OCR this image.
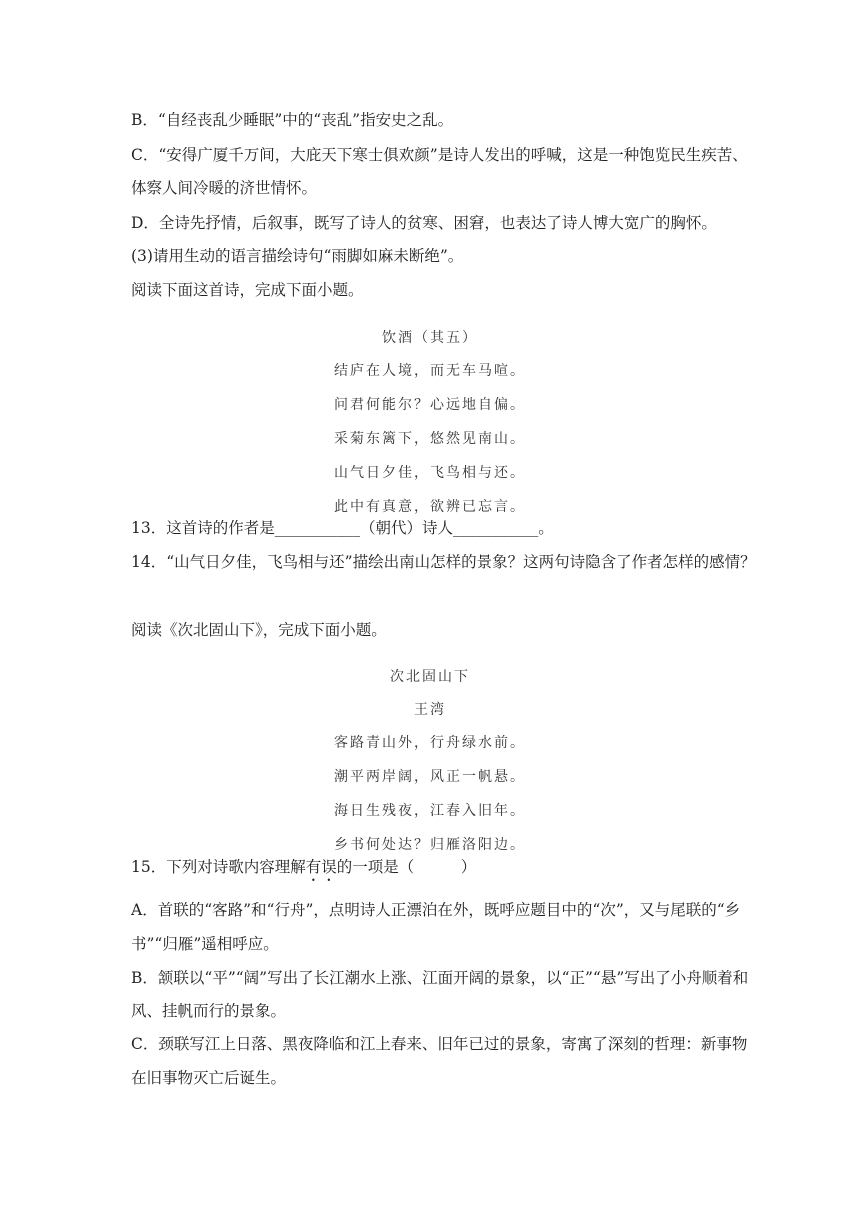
B．“自经丧乱少睡眠”中的“丧乱”指安史之乱。

C．“安得广厦千万间，大庇天下寒士俱欢颜”是诗人发出的呼喊，这是一种饱览民生疾苦、

体察人间冷暖的济世情怀。

D．全诗先抒情，后叙事，既写了诗人的贫寒、困窘，也表达了诗人博大宽广的胸怀。

(3)请用生动的语言描绘诗句“雨脚如麻未断绝”。

阅读下面这首诗，完成下面小题。

饮酒（其五）

结庐在人境，而无车马喧。

问君何能尔？心远地自偏。

采菊东篱下，悠然见南山。

山气日夕佳，飞鸟相与还。

此中有真意，欲辨已忘言。

13．这首诗的作者是___________（朝代）诗人___________。

14．“山气日夕佳，飞鸟相与还”描绘出南山怎样的景象？这两句诗隐含了作者怎样的感情？

阅读《次北固山下》，完成下面小题。

次北固山下

王湾

客路青山外，行舟绿水前。

潮平两岸阔，风正一帆悬。

海日生残夜，江春入旧年。

乡书何处达？归雁洛阳边。

15．下列对诗歌内容理解有误的一项是（　　　）

A．首联的“客路”和“行舟”，点明诗人正漂泊在外，既呼应题目中的“次”，又与尾联的“乡

书”“归雁”遥相呼应。

B．颔联以“平”“阔”写出了长江潮水上涨、江面开阔的景象，以“正”“悬”写出了小舟顺着和

风、挂帆而行的景象。

C．颈联写江上日落、黑夜降临和江上春来、旧年已过的景象，寄寓了深刻的哲理：新事物

在旧事物灭亡后诞生。
